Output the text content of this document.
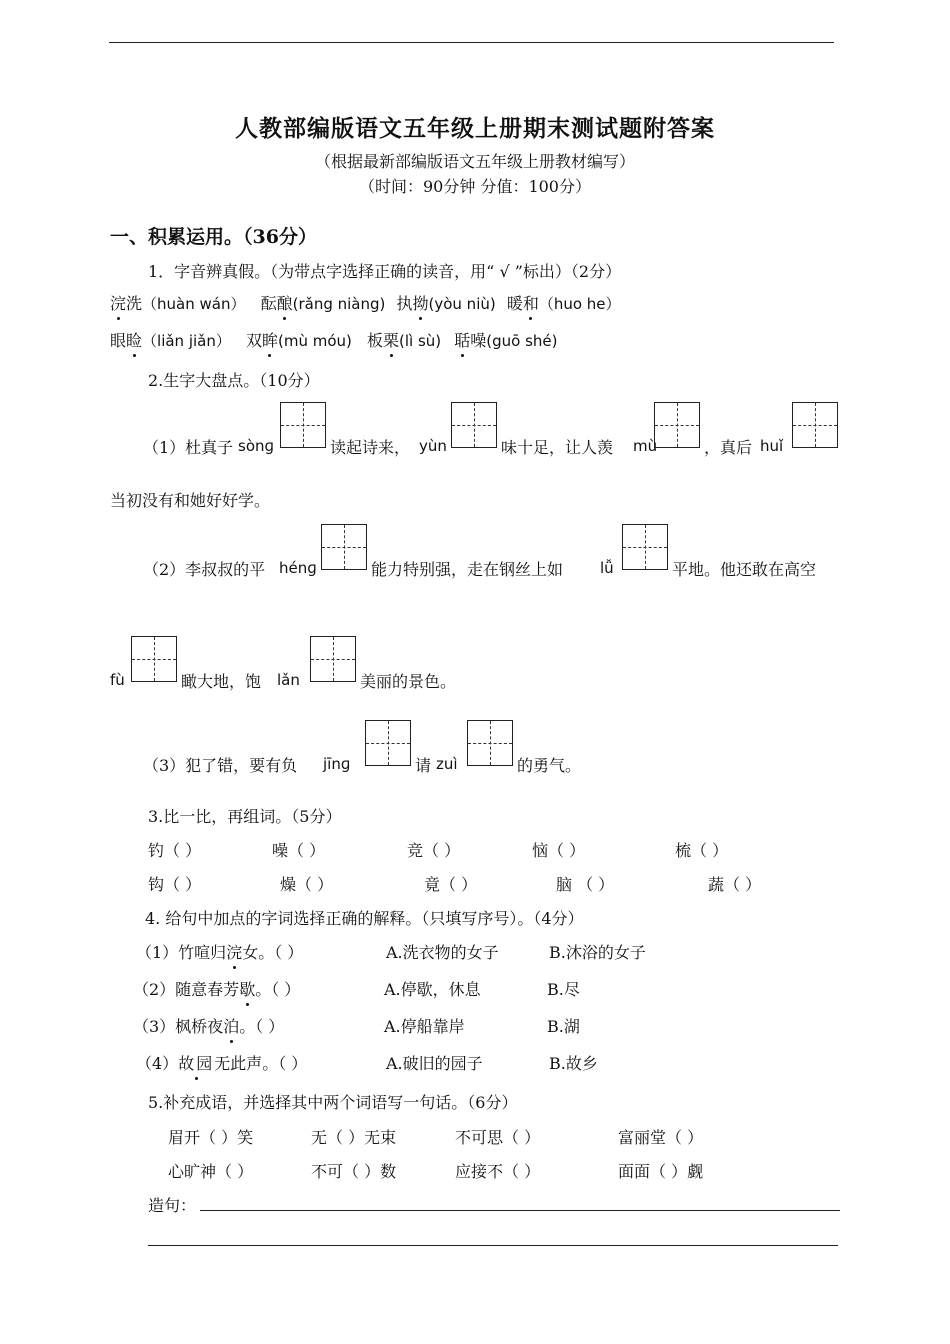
人教部编版语文五年级上册期末测试题附答案
（根据最新部编版语文五年级上册教材编写）
（时间：90分钟 分值：100分）
一、积累运用。（36分）
1．字音辨真假。（为带点字选择正确的读音，用“ √ ”标出）（2分）
浣洗（huàn wán） 酝酿(rǎng niàng) 执拗(yòu niù) 暖和（huo he）
眼睑（liǎn jiǎn） 双眸(mù móu) 板栗(lì sù) 聒噪(guō shé)
2.生字大盘点。（10分）
（1）杜真子 sònɡ	读起诗来， yùn	味十足，让人羡 mù	，真后 huǐ
当初没有和她好好学。
（2）李叔叔的平 hénɡ	能力特别强，走在钢丝上如 lǚ	平地。他还敢在高空
fù	瞰大地，饱 lǎn	美丽的景色。
（3）犯了错，要有负 jīnɡ	请 zuì	的勇气。
3.比一比，再组词。（5分）
钓（ ）	噪（ ）	竞（ ）	恼（ ）	梳（ ）
钩（ ）	燥（ ）	竟（ ）	脑 （ ）	蔬（ ）
4. 给句中加点的字词选择正确的解释。（只填写序号）。（4分）
（1）竹喧归浣女。（ ）	A.洗衣物的女子	B.沐浴的女子
（2）随意春芳歇。（ ）	A.停歇，休息	B.尽
（3）枫桥夜泊。（ ）	A.停船靠岸	B.湖
（4）故园无此声。（ ）	A.破旧的园子	B.故乡
5.补充成语，并选择其中两个词语写一句话。（6分）
眉开（ ）笑	无（ ）无束	不可思（ ）	富丽堂（ ）
心旷神（ ）	不可（ ）数	应接不（ ）	面面（ ）觑
造句：
